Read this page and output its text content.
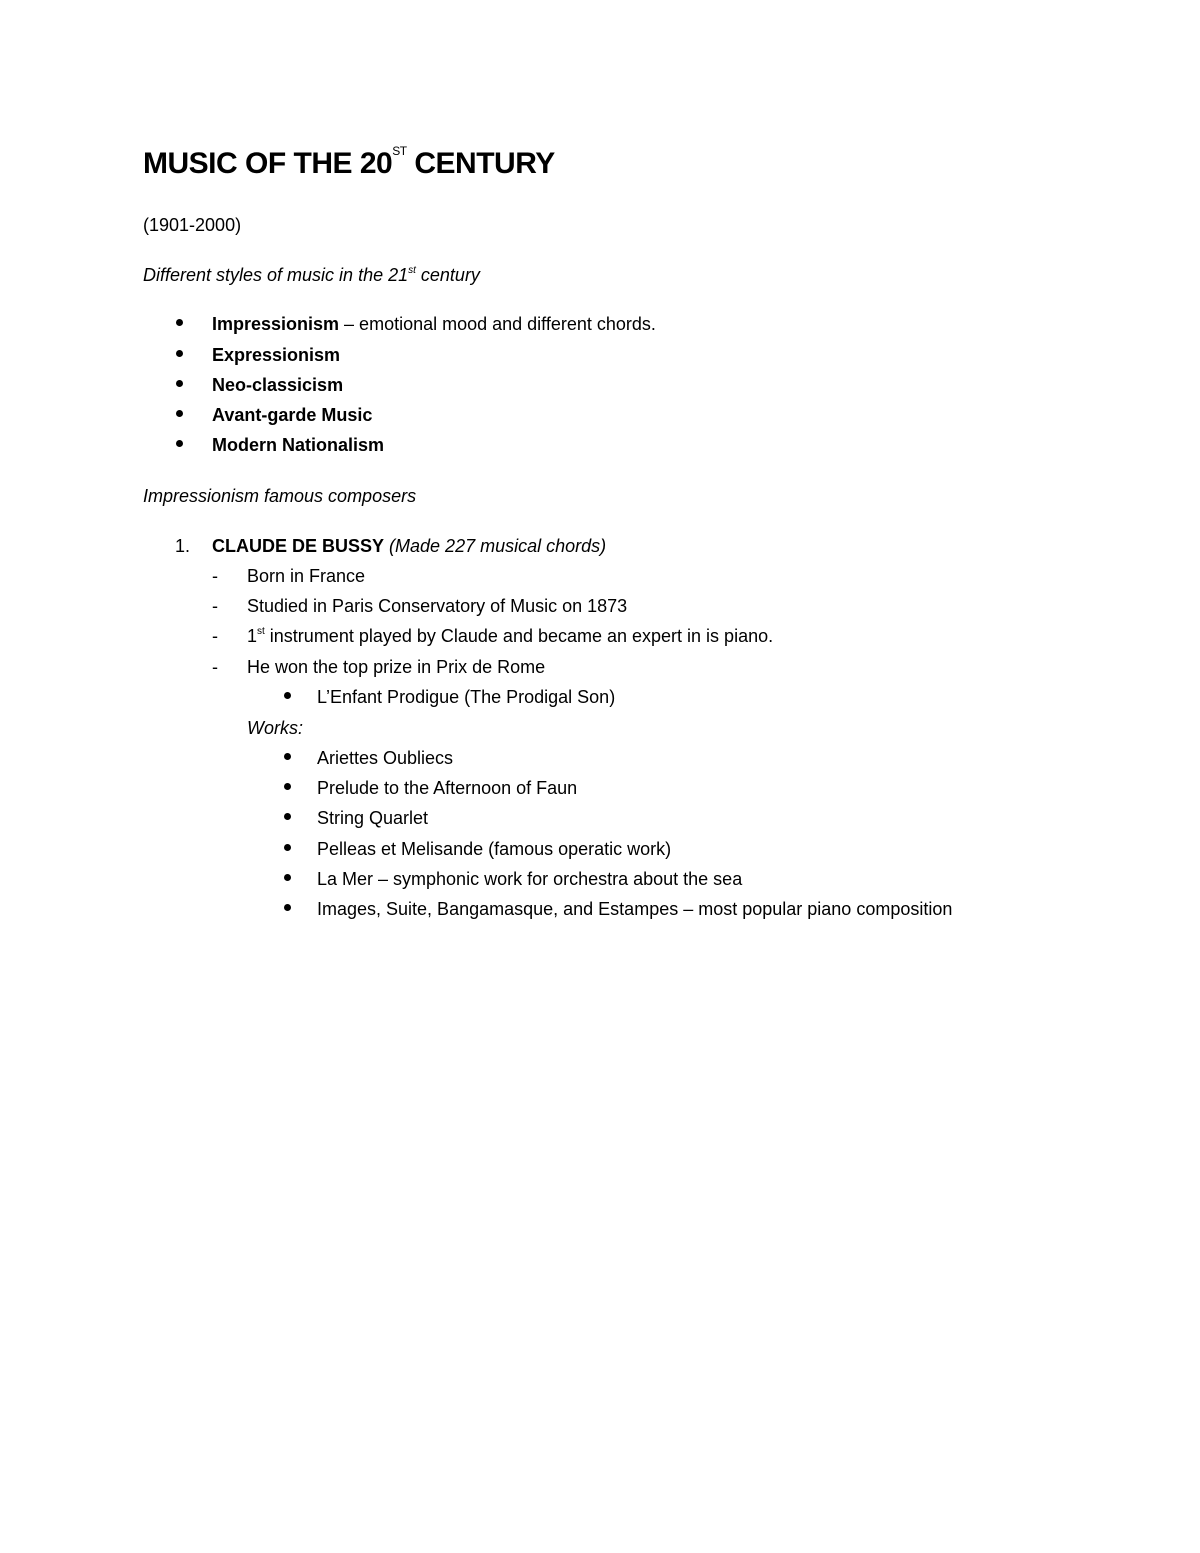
MUSIC OF THE 20ST CENTURY
(1901-2000)
Different styles of music in the 21st century
Impressionism – emotional mood and different chords.
Expressionism
Neo-classicism
Avant-garde Music
Modern Nationalism
Impressionism famous composers
1. CLAUDE DE BUSSY (Made 227 musical chords)
- Born in France
- Studied in Paris Conservatory of Music on 1873
- 1st instrument played by Claude and became an expert in is piano.
- He won the top prize in Prix de Rome
L’Enfant Prodigue (The Prodigal Son)
Works:
Ariettes Oubliecs
Prelude to the Afternoon of Faun
String Quarlet
Pelleas et Melisande (famous operatic work)
La Mer – symphonic work for orchestra about the sea
Images, Suite, Bangamasque, and Estampes – most popular piano composition
